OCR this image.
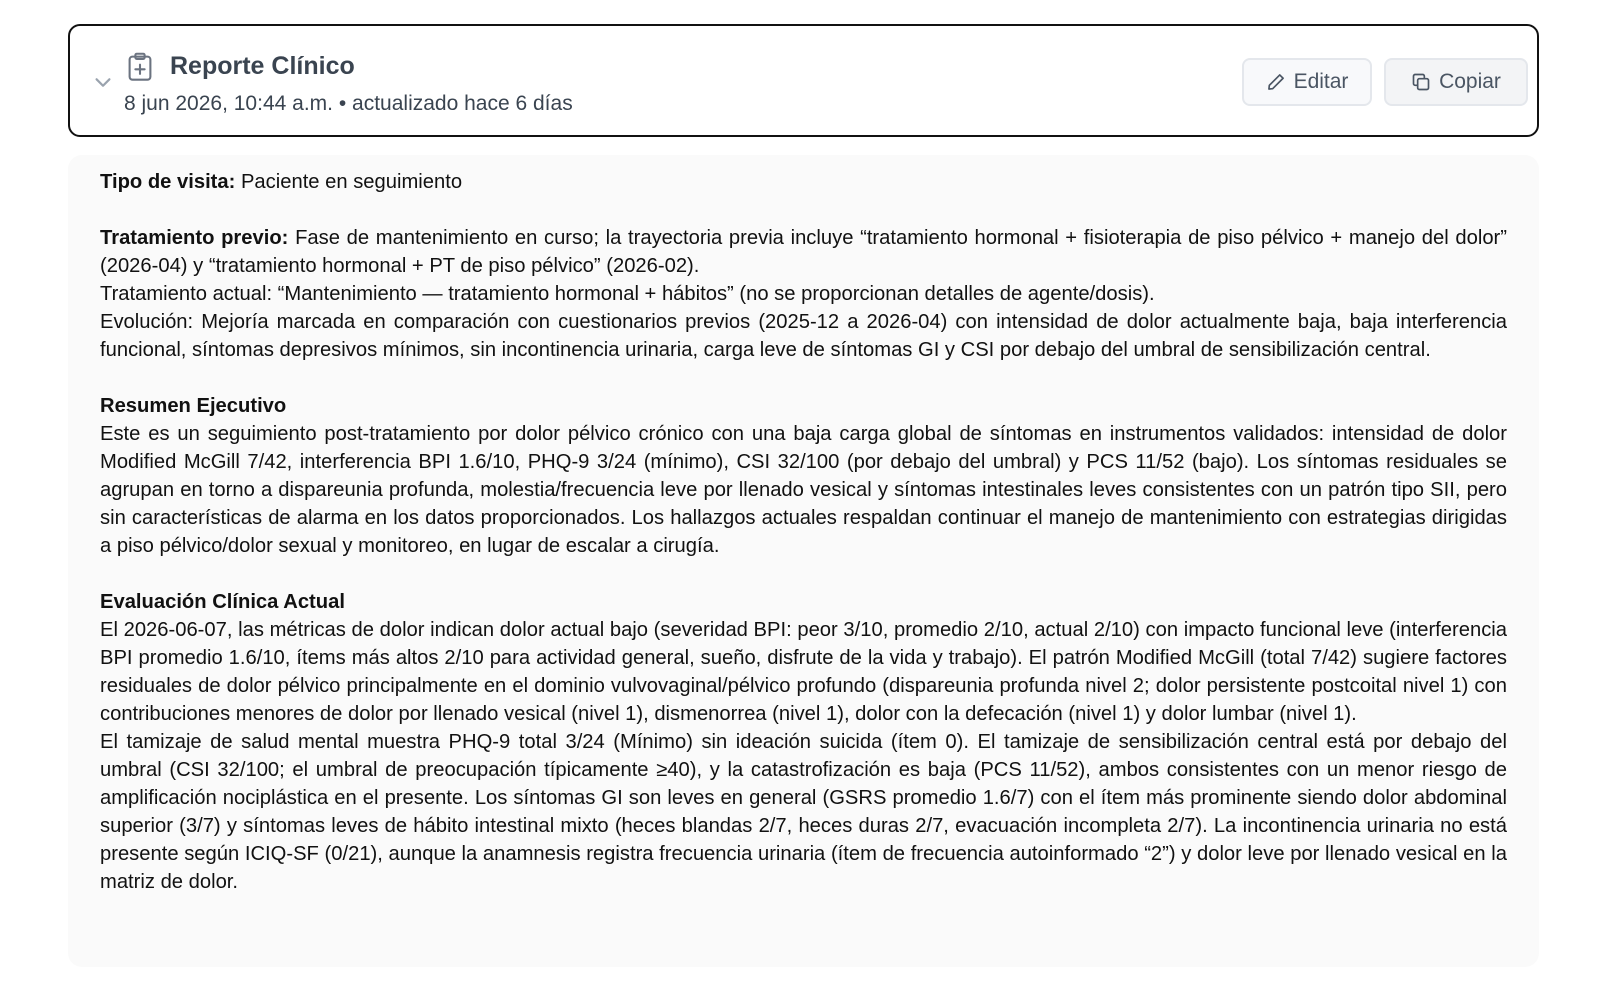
Reporte Clínico
8 jun 2026, 10:44 a.m. • actualizado hace 6 días
Editar	Copiar

Tipo de visita: Paciente en seguimiento

Tratamiento previo: Fase de mantenimiento en curso; la trayectoria previa incluye “tratamiento hormonal + fisioterapia de piso pélvico + manejo del dolor” (2026-04) y “tratamiento hormonal + PT de piso pélvico” (2026-02).

Tratamiento actual: “Mantenimiento — tratamiento hormonal + hábitos” (no se proporcionan detalles de agente/dosis).

Evolución: Mejoría marcada en comparación con cuestionarios previos (2025-12 a 2026-04) con intensidad de dolor actualmente baja, baja interferencia funcional, síntomas depresivos mínimos, sin incontinencia urinaria, carga leve de síntomas GI y CSI por debajo del umbral de sensibilización central.

Resumen Ejecutivo

Este es un seguimiento post-tratamiento por dolor pélvico crónico con una baja carga global de síntomas en instrumentos validados: intensidad de dolor Modified McGill 7/42, interferencia BPI 1.6/10, PHQ-9 3/24 (mínimo), CSI 32/100 (por debajo del umbral) y PCS 11/52 (bajo). Los síntomas residuales se agrupan en torno a dispareunia profunda, molestia/frecuencia leve por llenado vesical y síntomas intestinales leves consistentes con un patrón tipo SII, pero sin características de alarma en los datos proporcionados. Los hallazgos actuales respaldan continuar el manejo de mantenimiento con estrategias dirigidas a piso pélvico/dolor sexual y monitoreo, en lugar de escalar a cirugía.

Evaluación Clínica Actual

El 2026-06-07, las métricas de dolor indican dolor actual bajo (severidad BPI: peor 3/10, promedio 2/10, actual 2/10) con impacto funcional leve (interferencia BPI promedio 1.6/10, ítems más altos 2/10 para actividad general, sueño, disfrute de la vida y trabajo). El patrón Modified McGill (total 7/42) sugiere factores residuales de dolor pélvico principalmente en el dominio vulvovaginal/pélvico profundo (dispareunia profunda nivel 2; dolor persistente postcoital nivel 1) con contribuciones menores de dolor por llenado vesical (nivel 1), dismenorrea (nivel 1), dolor con la defecación (nivel 1) y dolor lumbar (nivel 1).

El tamizaje de salud mental muestra PHQ-9 total 3/24 (Mínimo) sin ideación suicida (ítem 0). El tamizaje de sensibilización central está por debajo del umbral (CSI 32/100; el umbral de preocupación típicamente ≥40), y la catastrofización es baja (PCS 11/52), ambos consistentes con un menor riesgo de amplificación nociplástica en el presente. Los síntomas GI son leves en general (GSRS promedio 1.6/7) con el ítem más prominente siendo dolor abdominal superior (3/7) y síntomas leves de hábito intestinal mixto (heces blandas 2/7, heces duras 2/7, evacuación incompleta 2/7). La incontinencia urinaria no está presente según ICIQ-SF (0/21), aunque la anamnesis registra frecuencia urinaria (ítem de frecuencia autoinformado “2”) y dolor leve por llenado vesical en la matriz de dolor.
